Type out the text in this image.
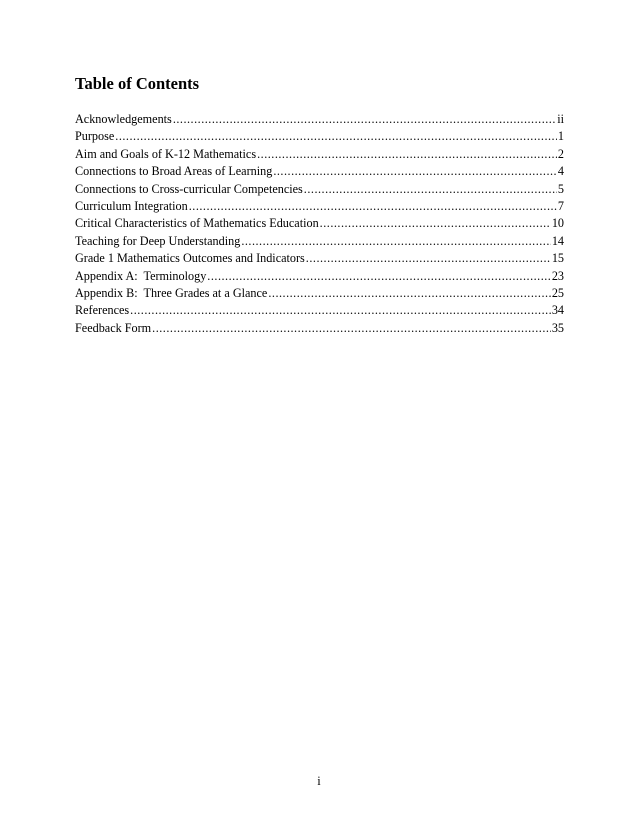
Table of Contents
Acknowledgements .....	ii
Purpose .....	1
Aim and Goals of K-12 Mathematics .....	2
Connections to Broad Areas of Learning .....	4
Connections to Cross-curricular Competencies .....	5
Curriculum Integration .....	7
Critical Characteristics of Mathematics Education .....	10
Teaching for Deep Understanding .....	14
Grade 1 Mathematics Outcomes and Indicators .....	15
Appendix A:  Terminology .....	23
Appendix B:  Three Grades at a Glance .....	25
References .....	34
Feedback Form .....	35
i
